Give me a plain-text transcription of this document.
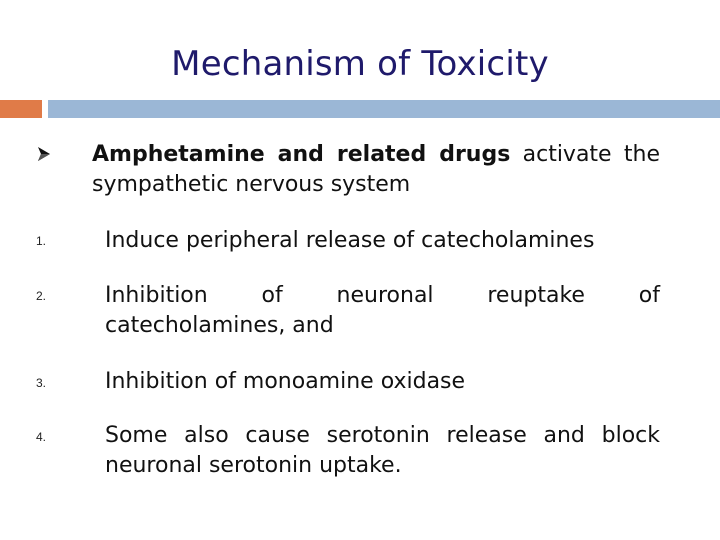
Mechanism of Toxicity
Amphetamine and related drugs activate the sympathetic nervous system
1.	Induce peripheral release of catecholamines
2.	Inhibition of neuronal reuptake of
catecholamines, and
3.	Inhibition of monoamine oxidase
4.	Some also cause serotonin release and block
neuronal serotonin uptake.
